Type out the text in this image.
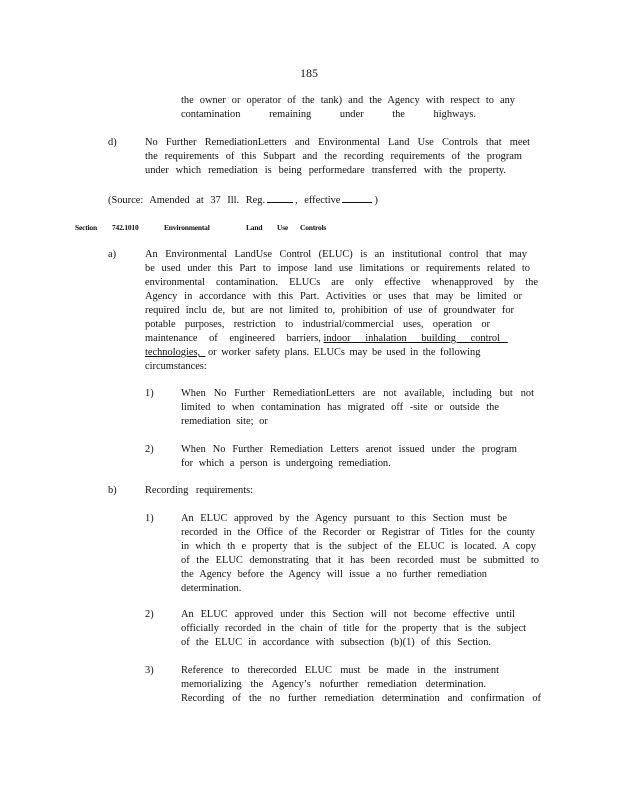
185
the owner or operator of the tank) and the Agency with respect to any
contamination remaining under the highways.
d)	No Further RemediationLetters and Environmental Land Use Controls that meet
the requirements of this Subpart and the recording requirements of the program
under which remediation is being performedare transferred with the property.
(Source: Amended at 37 Ill. Reg.	, effective	)
Section 742.1010	Environmental	Land Use Controls
a)	An Environmental LandUse Control (ELUC) is an institutional control that may
be used under this Part to impose land use limitations or requirements related to
environmental contamination. ELUCs are only effective whenapproved by the
Agency in accordance with this Part. Activities or uses that may be limited or
required inclu de, but are not limited to, prohibition of use of groundwater for
potable purposes, restriction to industrial/commercial uses, operation or
maintenance of engineered barriers, indoor inhalation building control
technologies, or worker safety plans. ELUCs may be used in the following
circumstances:
1)	When No Further RemediationLetters are not available, including but not
limited to when contamination has migrated off -site or outside the
remediation site; or
2)	When No Further Remediation Letters arenot issued under the program
for which a person is undergoing remediation.
b)	Recording requirements:
1)	An ELUC approved by the Agency pursuant to this Section must be
recorded in the Office of the Recorder or Registrar of Titles for the county
in which th e property that is the subject of the ELUC is located. A copy
of the ELUC demonstrating that it has been recorded must be submitted to
the Agency before the Agency will issue a no further remediation
determination.
2)	An ELUC approved under this Section will not become effective until
officially recorded in the chain of title for the property that is the subject
of the ELUC in accordance with subsection (b)(1) of this Section.
3)	Reference to therecorded ELUC must be made in the instrument
memorializing the Agency’s nofurther remediation determination.
Recording of the no further remediation determination and confirmation of
